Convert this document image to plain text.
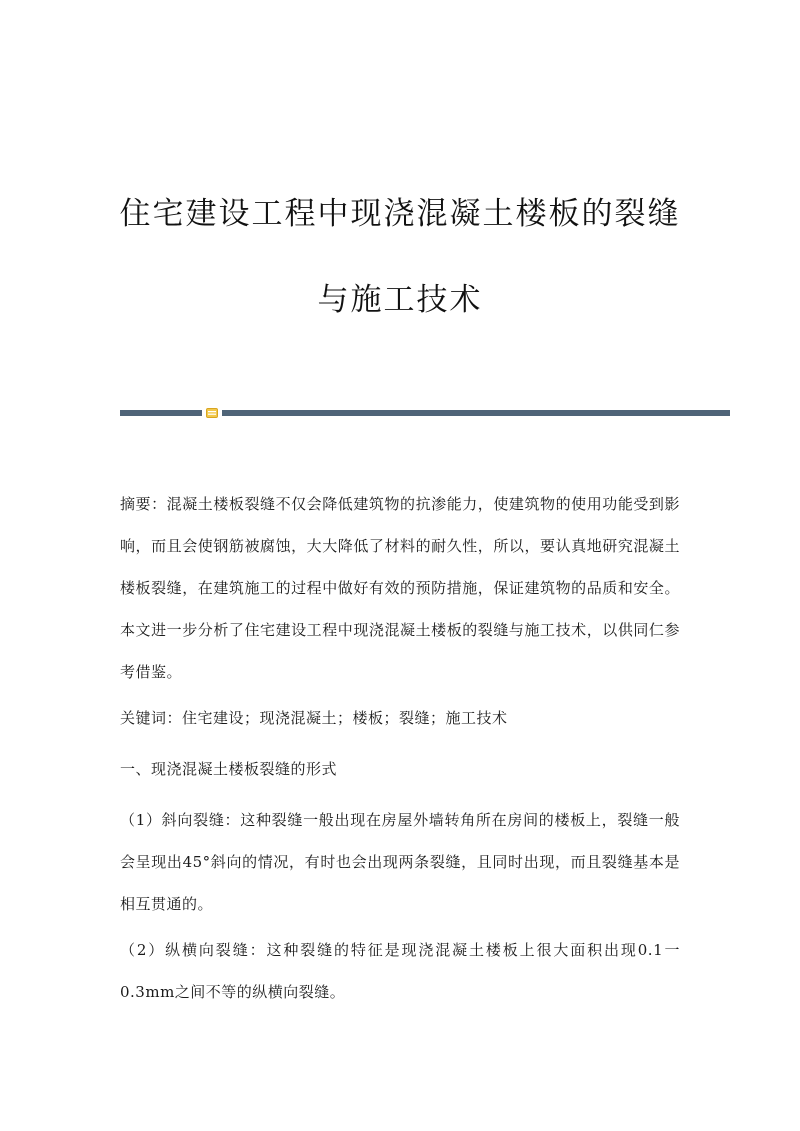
住宅建设工程中现浇混凝土楼板的裂缝
与施工技术

摘要：混凝土楼板裂缝不仅会降低建筑物的抗渗能力，使建筑物的使用功能受到影响，而且会使钢筋被腐蚀，大大降低了材料的耐久性，所以，要认真地研究混凝土楼板裂缝，在建筑施工的过程中做好有效的预防措施，保证建筑物的品质和安全。本文进一步分析了住宅建设工程中现浇混凝土楼板的裂缝与施工技术，以供同仁参考借鉴。

关键词：住宅建设；现浇混凝土；楼板；裂缝；施工技术

一、现浇混凝土楼板裂缝的形式

（1）斜向裂缝：这种裂缝一般出现在房屋外墙转角所在房间的楼板上，裂缝一般会呈现出45°斜向的情况，有时也会出现两条裂缝，且同时出现，而且裂缝基本是相互贯通的。

（2）纵横向裂缝：这种裂缝的特征是现浇混凝土楼板上很大面积出现0.1一0.3mm之间不等的纵横向裂缝。
